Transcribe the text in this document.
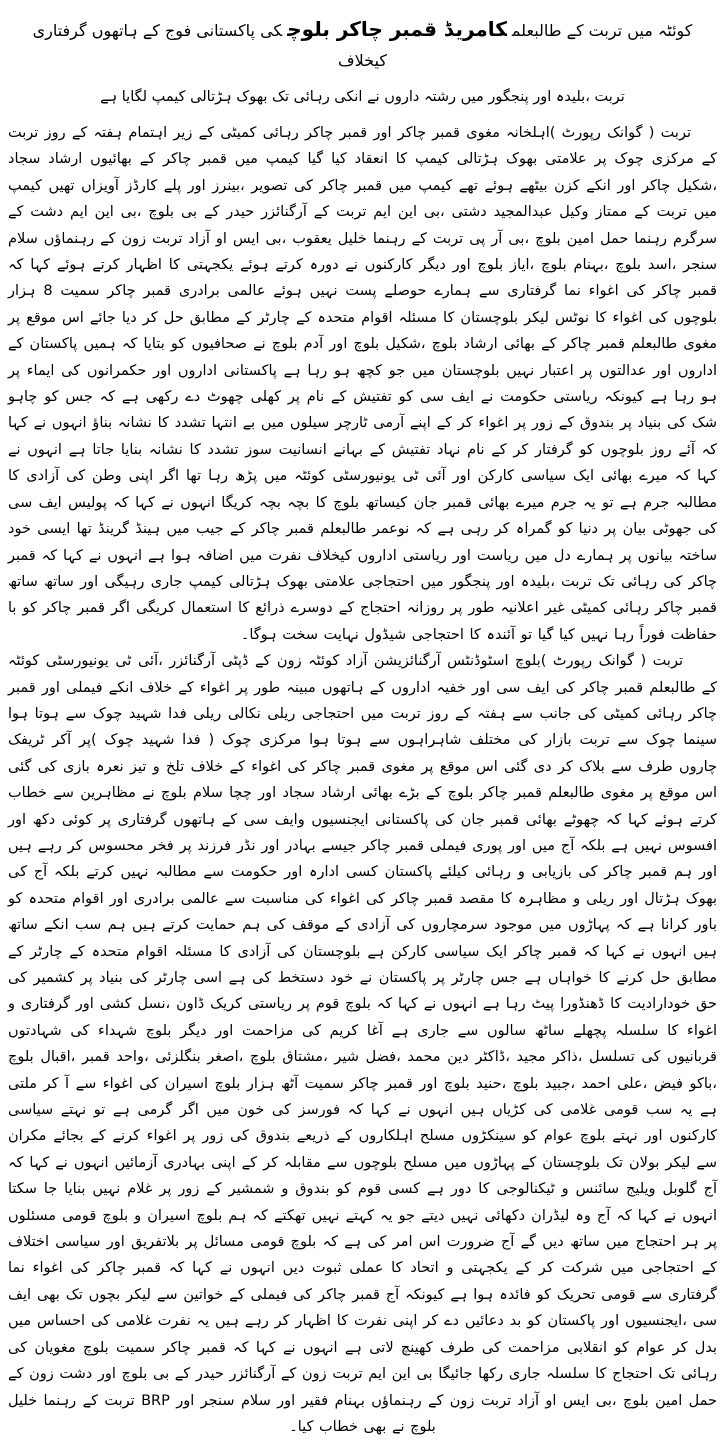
کوئٹہ میں تربت کے طالبعلمکامریڈ قمبر چاکر بلوچکی پاکستانی فوج کے ہاتھوں گرفتاری کیخلاف
تربت ،بلیدہ اور پنجگور میں رشتہ داروں نے انکی رہائی تک بھوک ہڑتالی کیمپ لگایا ہے

تربت ( گوانک رپورٹ )اہلخانہ مغوی قمبر چاکر اور قمبر چاکر رہائی کمیٹی کے زیر اہتمام ہفتہ کے روز تربت کے مرکزی چوک پر علامتی بھوک ہڑتالی کیمپ کا انعقاد کیا گیا کیمپ میں قمبر چاکر کے بھائیوں ارشاد سجاد ،شکیل چاکر اور انکے کزن بیٹھے ہوئے تھے کیمپ میں قمبر چاکر کی تصویر ،بینرز اور پلے کارڈز آویزاں تھیں کیمپ میں تربت کے ممتاز وکیل عبدالمجید دشتی ،بی این ایم تربت کے آرگنائزر حیدر کے بی بلوچ ،بی این ایم دشت کے سرگرم رہنما حمل امین بلوچ ،بی آر پی تربت کے رہنما خلیل یعقوب ،بی ایس او آزاد تربت زون کے رہنماؤں سلام سنجر ،اسد بلوچ ،بہنام بلوچ ،ایاز بلوچ اور دیگر کارکنوں نے دورہ کرتے ہوئے یکجہتی کا اظہار کرتے ہوئے کہا کہ قمبر چاکر کی اغواء نما گرفتاری سے ہمارے حوصلے پست نہیں ہوئے عالمی برادری قمبر چاکر سمیت 8 ہزار بلوچوں کی اغواء کا نوٹس لیکر بلوچستان کا مسئلہ اقوام متحدہ کے چارٹر کے مطابق حل کر دیا جائے اس موقع پر مغوی طالبعلم قمبر چاکر کے بھائی ارشاد بلوچ ،شکیل بلوچ اور آدم بلوچ نے صحافیوں کو بتایا کہ ہمیں پاکستان کے اداروں اور عدالتوں پر اعتبار نہیں بلوچستان میں جو کچھ ہو رہا ہے پاکستانی اداروں اور حکمرانوں کی ایماء پر ہو رہا ہے کیونکہ ریاستی حکومت نے ایف سی کو تفتیش کے نام پر کھلی چھوٹ دے رکھی ہے کہ جس کو چاہو شک کی بنیاد پر بندوق کے زور پر اغواء کر کے اپنے آرمی ٹارچر سیلوں میں بے انتہا تشدد کا نشانہ بناؤ انہوں نے کہا کہ آئے روز بلوچوں کو گرفتار کر کے نام نہاد تفتیش کے بہانے انسانیت سوز تشدد کا نشانہ بنایا جاتا ہے انہوں نے کہا کہ میرے بھائی ایک سیاسی کارکن اور آئی ٹی یونیورسٹی کوئٹہ میں پڑھ رہا تھا اگر اپنی وطن کی آزادی کا مطالبہ جرم ہے تو یہ جرم میرے بھائی قمبر جان کیساتھ بلوچ کا بچہ بچہ کریگا انہوں نے کہا کہ پولیس ایف سی کی جھوٹی بیان پر دنیا کو گمراہ کر رہی ہے کہ نوعمر طالبعلم قمبر چاکر کے جیب میں ہینڈ گرینڈ تھا ایسی خود ساختہ بیانوں پر ہمارے دل میں ریاست اور ریاستی اداروں کیخلاف نفرت میں اضافہ ہوا ہے انہوں نے کہا کہ قمبر چاکر کی رہائی تک تربت ،بلیدہ اور پنجگور میں احتجاجی علامتی بھوک ہڑتالی کیمپ جاری رہیگی اور ساتھ ساتھ قمبر چاکر رہائی کمیٹی غیر اعلانیہ طور پر روزانہ احتجاج کے دوسرے ذرائع کا استعمال کریگی اگر قمبر چاکر کو با حفاظت فوراً رہا نہیں کیا گیا تو آئندہ کا احتجاجی شیڈول نہایت سخت ہوگا۔

تربت ( گوانک رپورٹ )بلوچ اسٹوڈنٹس آرگنائزیشن آزاد کوئٹہ زون کے ڈپٹی آرگنائزر ،آئی ٹی یونیورسٹی کوئٹہ کے طالبعلم قمبر چاکر کی ایف سی اور خفیہ اداروں کے ہاتھوں مبینہ طور پر اغواء کے خلاف انکے فیملی اور قمبر چاکر رہائی کمیٹی کی جانب سے ہفتہ کے روز تربت میں احتجاجی ریلی نکالی ریلی فدا شہید چوک سے ہوتا ہوا سینما چوک سے تربت بازار کی مختلف شاہراہوں سے ہوتا ہوا مرکزی چوک ( فدا شہید چوک )پر آکر ٹریفک چاروں طرف سے بلاک کر دی گئی اس موقع پر مغوی قمبر چاکر کی اغواء کے خلاف تلخ و تیز نعرہ بازی کی گئی اس موقع پر مغوی طالبعلم قمبر چاکر بلوچ کے بڑے بھائی ارشاد سجاد اور چچا سلام بلوچ نے مظاہرین سے خطاب کرتے ہوئے کہا کہ چھوٹے بھائی قمبر جان کی پاکستانی ایجنسیوں وایف سی کے ہاتھوں گرفتاری پر کوئی دکھ اور افسوس نہیں ہے بلکہ آج میں اور پوری فیملی قمبر چاکر جیسے بہادر اور نڈر فرزند پر فخر محسوس کر رہے ہیں اور ہم قمبر چاکر کی بازیابی و رہائی کیلئے پاکستان کسی ادارہ اور حکومت سے مطالبہ نہیں کرتے بلکہ آج کی بھوک ہڑتال اور ریلی و مظاہرہ کا مقصد قمبر چاکر کی اغواء کی مناسبت سے عالمی برادری اور اقوام متحدہ کو باور کرانا ہے کہ پہاڑوں میں موجود سرمچاروں کی آزادی کے موقف کی ہم حمایت کرتے ہیں ہم سب انکے ساتھ ہیں انہوں نے کہا کہ قمبر چاکر ایک سیاسی کارکن ہے بلوچستان کی آزادی کا مسئلہ اقوام متحدہ کے چارٹر کے مطابق حل کرنے کا خواہاں ہے جس چارٹر پر پاکستان نے خود دستخط کی ہے اسی چارٹر کی بنیاد پر کشمیر کی حق خودارادیت کا ڈھنڈورا پیٹ رہا ہے انہوں نے کہا کہ بلوچ قوم پر ریاستی کریک ڈاون ،نسل کشی اور گرفتاری و اغواء کا سلسلہ پچھلے ساٹھ سالوں سے جاری ہے آغا کریم کی مزاحمت اور دیگر بلوچ شہداء کی شہادتوں قربانیوں کی تسلسل ،ذاکر مجید ،ڈاکٹر دین محمد ،فضل شیر ،مشتاق بلوچ ،اصغر بنگلزئی ،واحد قمبر ،اقبال بلوچ ،باکو فیض ،علی احمد ،جبید بلوچ ،حنید بلوچ اور قمبر چاکر سمیت آٹھ ہزار بلوچ اسیران کی اغواء سے آ کر ملتی ہے یہ سب قومی غلامی کی کڑیاں ہیں انہوں نے کہا کہ فورسز کی خون میں اگر گرمی ہے تو نہتے سیاسی کارکنوں اور نہتے بلوچ عوام کو سینکڑوں مسلح اہلکاروں کے ذریعے بندوق کی زور پر اغواء کرنے کے بجائے مکران سے لیکر بولان تک بلوچستان کے پہاڑوں میں مسلح بلوچوں سے مقابلہ کر کے اپنی بہادری آزمائیں انہوں نے کہا کہ آج گلوبل ویلیج سائنس و ٹیکنالوجی کا دور ہے کسی قوم کو بندوق و شمشیر کے زور پر غلام نہیں بنایا جا سکتا انہوں نے کہا کہ آج وہ لیڈران دکھائی نہیں دیتے جو یہ کہتے نہیں تھکتے کہ ہم بلوچ اسیران و بلوچ قومی مسئلوں پر ہر احتجاج میں ساتھ دیں گے آج ضرورت اس امر کی ہے کہ بلوچ قومی مسائل پر بلاتفریق اور سیاسی اختلاف کے احتجاجی میں شرکت کر کے یکجہتی و اتحاد کا عملی ثبوت دیں انہوں نے کہا کہ قمبر چاکر کی اغواء نما گرفتاری سے قومی تحریک کو فائدہ ہوا ہے کیونکہ آج قمبر چاکر کی فیملی کے خواتین سے لیکر بچوں تک بھی ایف سی ،ایجنسیوں اور پاکستان کو بد دعائیں دے کر اپنی نفرت کا اظہار کر رہے ہیں یہ نفرت غلامی کی احساس میں بدل کر عوام کو انقلابی مزاحمت کی طرف کھینچ لاتی ہے انہوں نے کہا کہ قمبر چاکر سمیت بلوچ مغویان کی رہائی تک احتجاج کا سلسلہ جاری رکھا جائیگا بی این ایم تربت زون کے آرگنائزر حیدر کے بی بلوچ اور دشت زون کے حمل امین بلوچ ،بی ایس او آزاد تربت زون کے رہنماؤں بہنام فقیر اور سلام سنجر اور BRP تربت کے رہنما خلیل بلوچ نے بھی خطاب کیا۔
